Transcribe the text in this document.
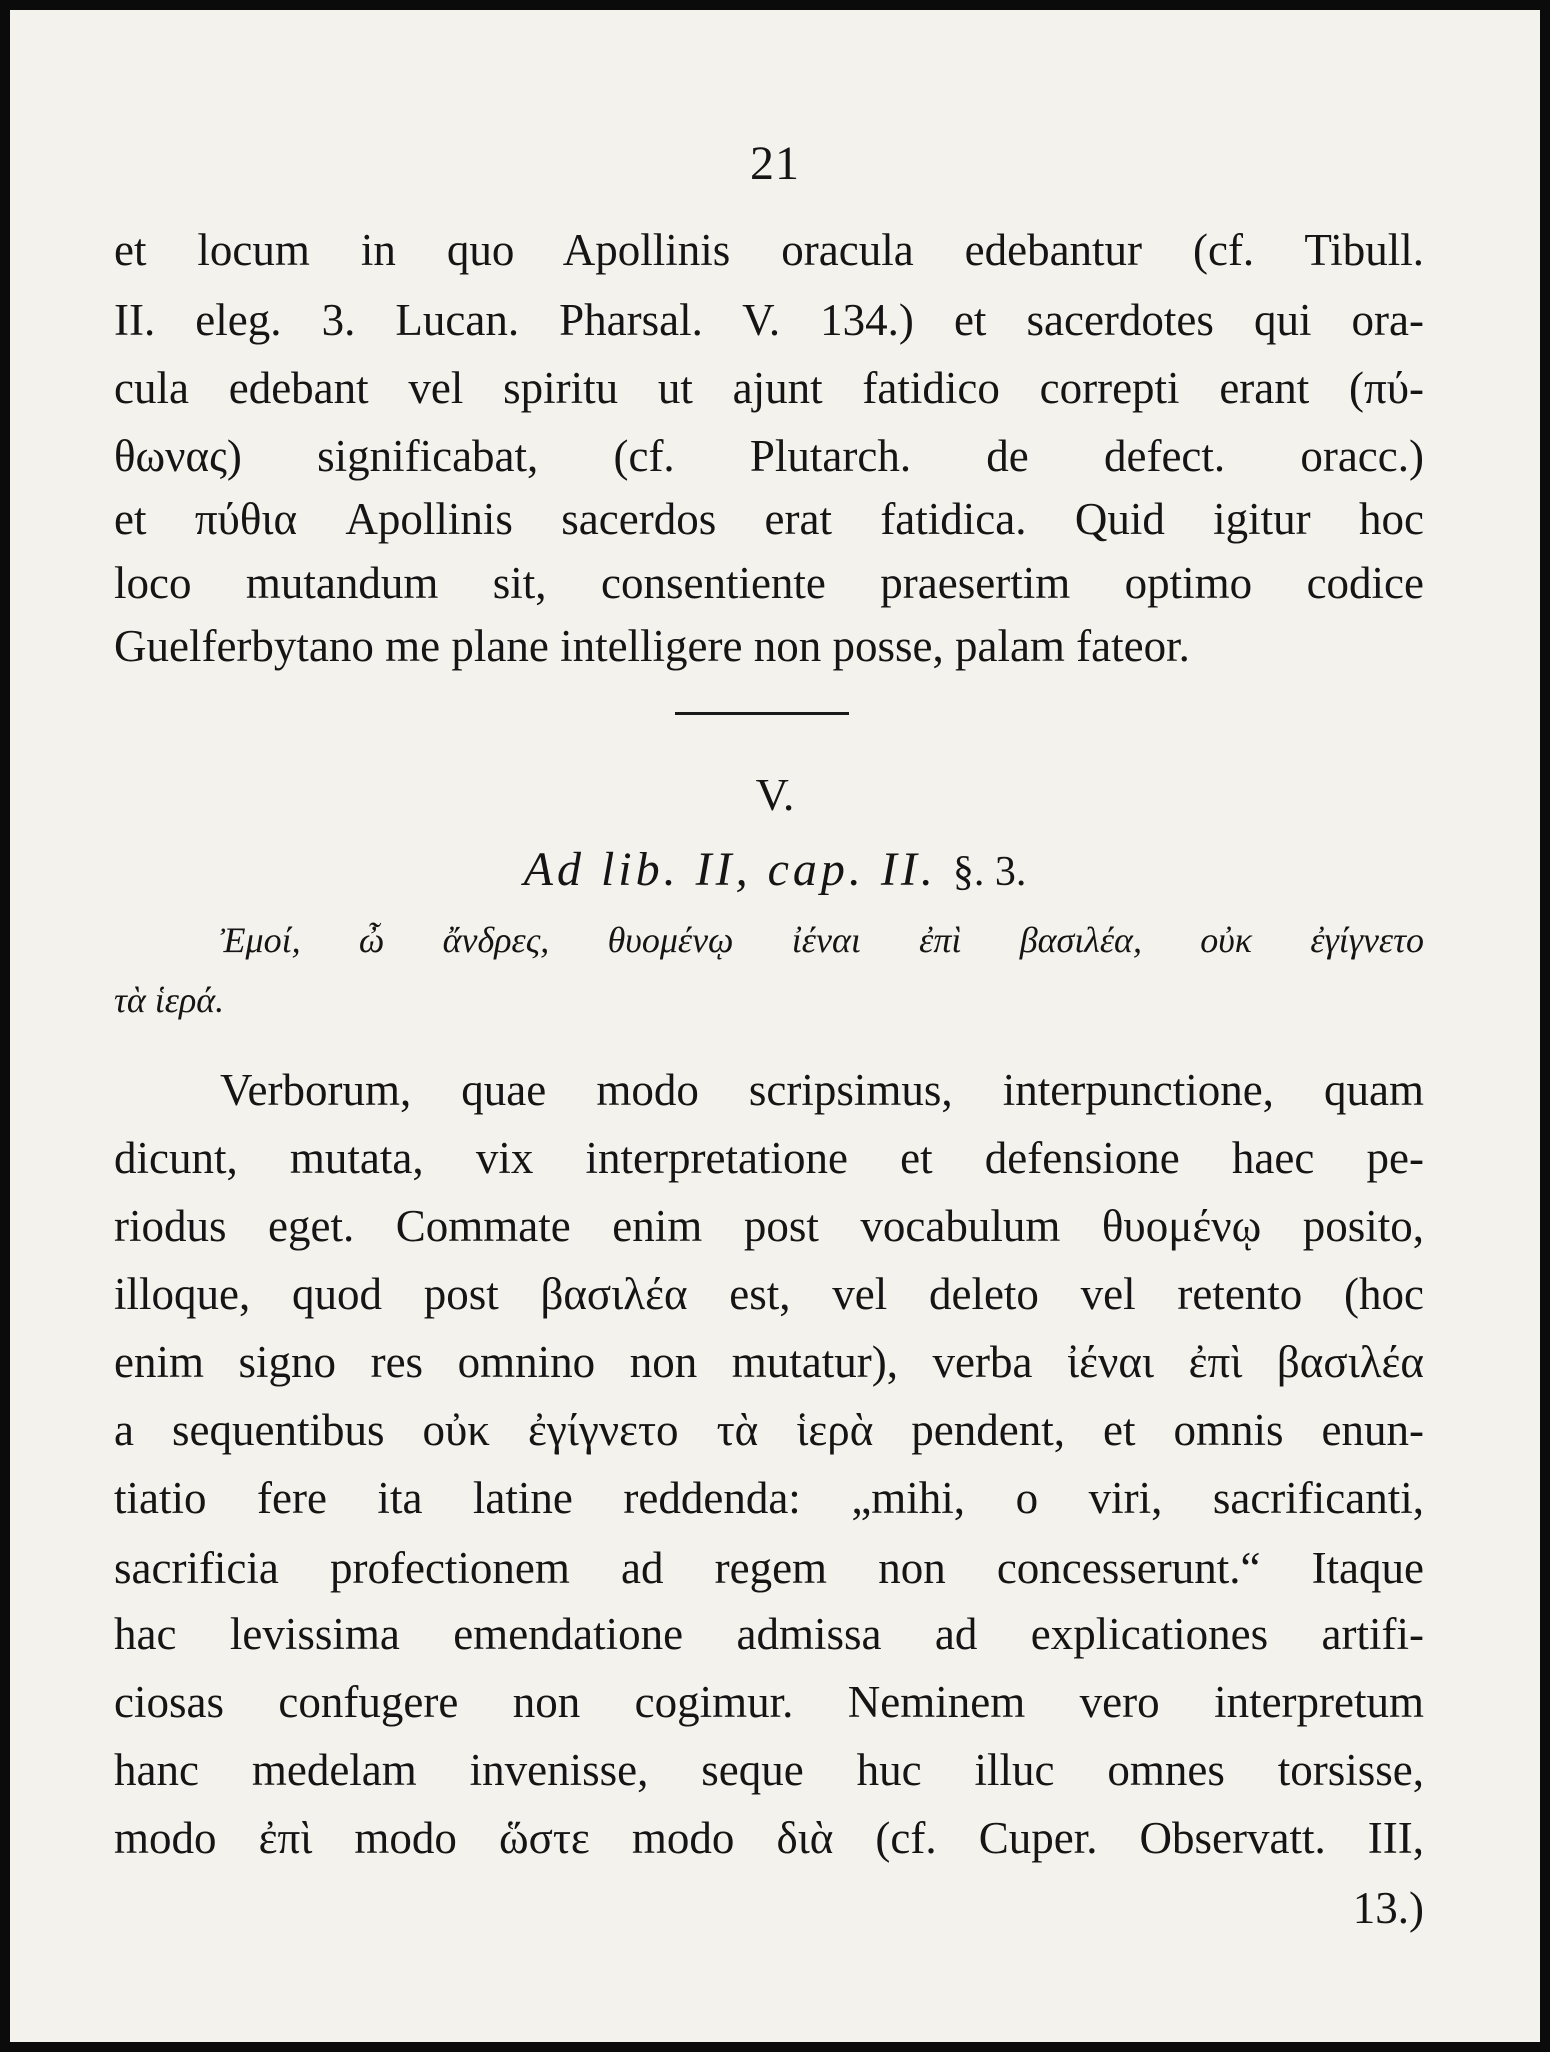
21
et locum in quo Apollinis oracula edebantur (cf. Tibull.
II. eleg. 3. Lucan. Pharsal. V. 134.) et sacerdotes qui ora-
cula edebant vel spiritu ut ajunt fatidico correpti erant (πύ-
θωνας) significabat, (cf. Plutarch. de defect. oracc.)
et πύθια Apollinis sacerdos erat fatidica. Quid igitur hoc
loco mutandum sit, consentiente praesertim optimo codice
Guelferbytano me plane intelligere non posse, palam fateor.
V.
Ad lib. II, cap. II. §. 3.
Ἐμοί, ὦ ἄνδρες, θυομένῳ ἰέναι ἐπὶ βασιλέα, οὐκ ἐγίγνετο
τὰ ἱερά.
Verborum, quae modo scripsimus, interpunctione, quam
dicunt, mutata, vix interpretatione et defensione haec pe-
riodus eget. Commate enim post vocabulum θυομένῳ posito,
illoque, quod post βασιλέα est, vel deleto vel retento (hoc
enim signo res omnino non mutatur), verba ἰέναι ἐπὶ βασιλέα
a sequentibus οὐκ ἐγίγνετο τὰ ἱερὰ pendent, et omnis enun-
tiatio fere ita latine reddenda: „mihi, o viri, sacrificanti,
sacrificia profectionem ad regem non concesserunt.“ Itaque
hac levissima emendatione admissa ad explicationes artifi-
ciosas confugere non cogimur. Neminem vero interpretum
hanc medelam invenisse, seque huc illuc omnes torsisse,
modo ἐπὶ modo ὥστε modo διὰ (cf. Cuper. Observatt. III,
13.)
